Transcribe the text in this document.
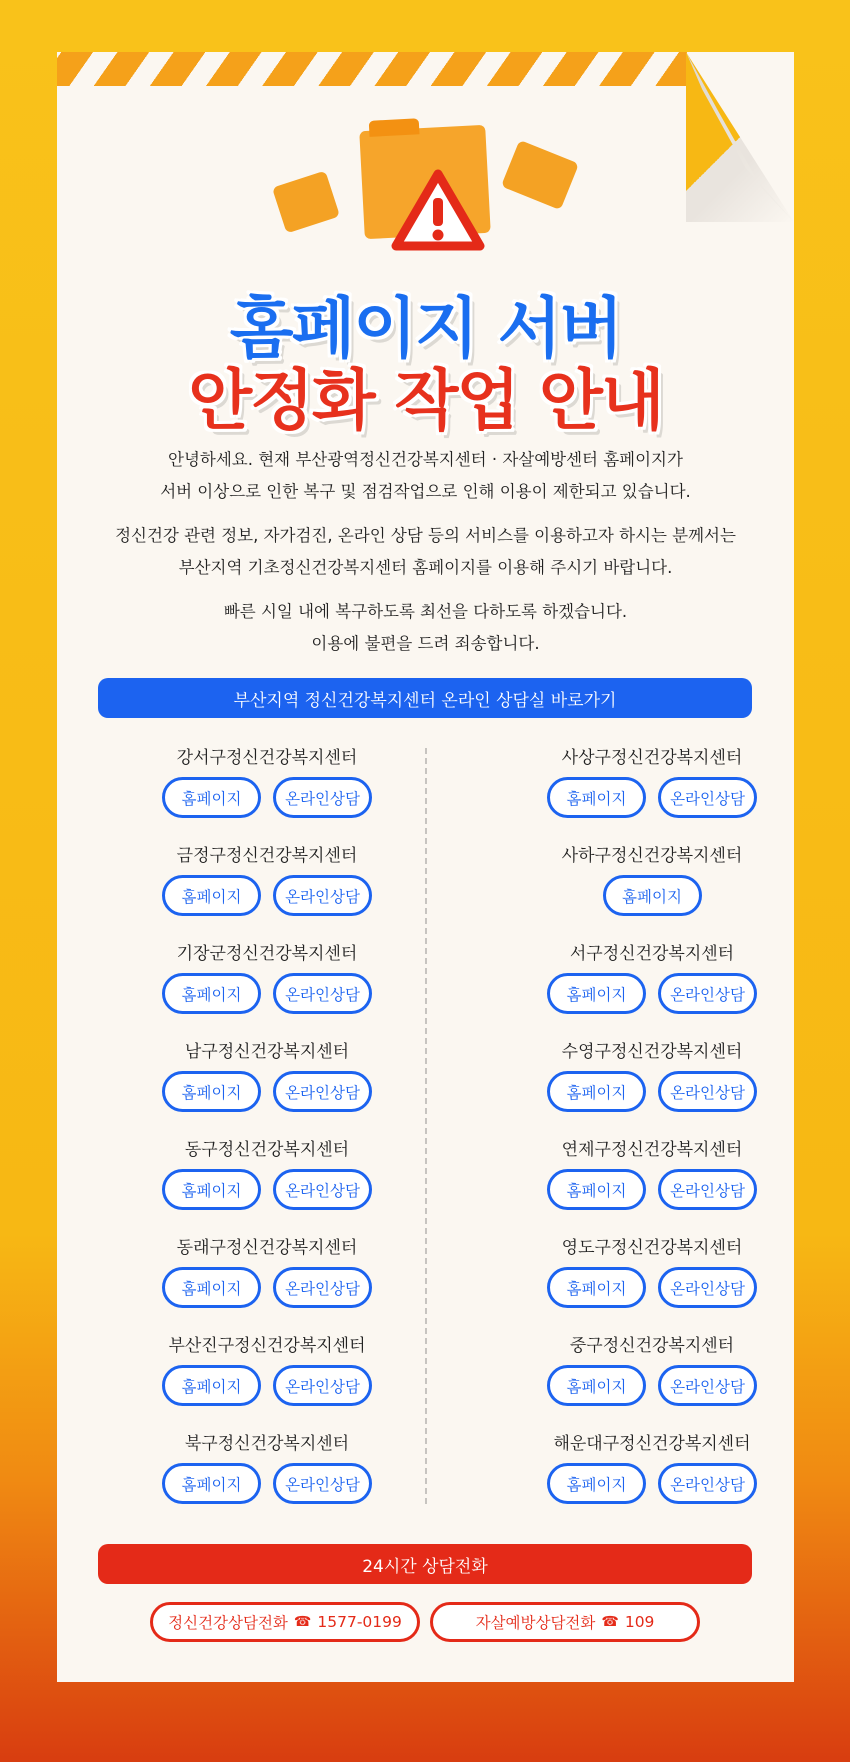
홈페이지 서버
안정화 작업 안내

안녕하세요. 현재 부산광역정신건강복지센터 · 자살예방센터 홈페이지가
서버 이상으로 인한 복구 및 점검작업으로 인해 이용이 제한되고 있습니다.

정신건강 관련 정보, 자가검진, 온라인 상담 등의 서비스를 이용하고자 하시는 분께서는
부산지역 기초정신건강복지센터 홈페이지를 이용해 주시기 바랍니다.

빠른 시일 내에 복구하도록 최선을 다하도록 하겠습니다.
이용에 불편을 드려 죄송합니다.

부산지역 정신건강복지센터 온라인 상담실 바로가기
강서구정신건강복지센터
홈페이지	온라인상담
금정구정신건강복지센터
홈페이지	온라인상담
기장군정신건강복지센터
홈페이지	온라인상담
남구정신건강복지센터
홈페이지	온라인상담
동구정신건강복지센터
홈페이지	온라인상담
동래구정신건강복지센터
홈페이지	온라인상담
부산진구정신건강복지센터
홈페이지	온라인상담
북구정신건강복지센터
홈페이지	온라인상담
사상구정신건강복지센터
홈페이지	온라인상담
사하구정신건강복지센터
홈페이지
서구정신건강복지센터
홈페이지	온라인상담
수영구정신건강복지센터
홈페이지	온라인상담
연제구정신건강복지센터
홈페이지	온라인상담
영도구정신건강복지센터
홈페이지	온라인상담
중구정신건강복지센터
홈페이지	온라인상담
해운대구정신건강복지센터
홈페이지	온라인상담
24시간 상담전화
정신건강상담전화 ☎ 1577-0199	자살예방상담전화 ☎ 109
